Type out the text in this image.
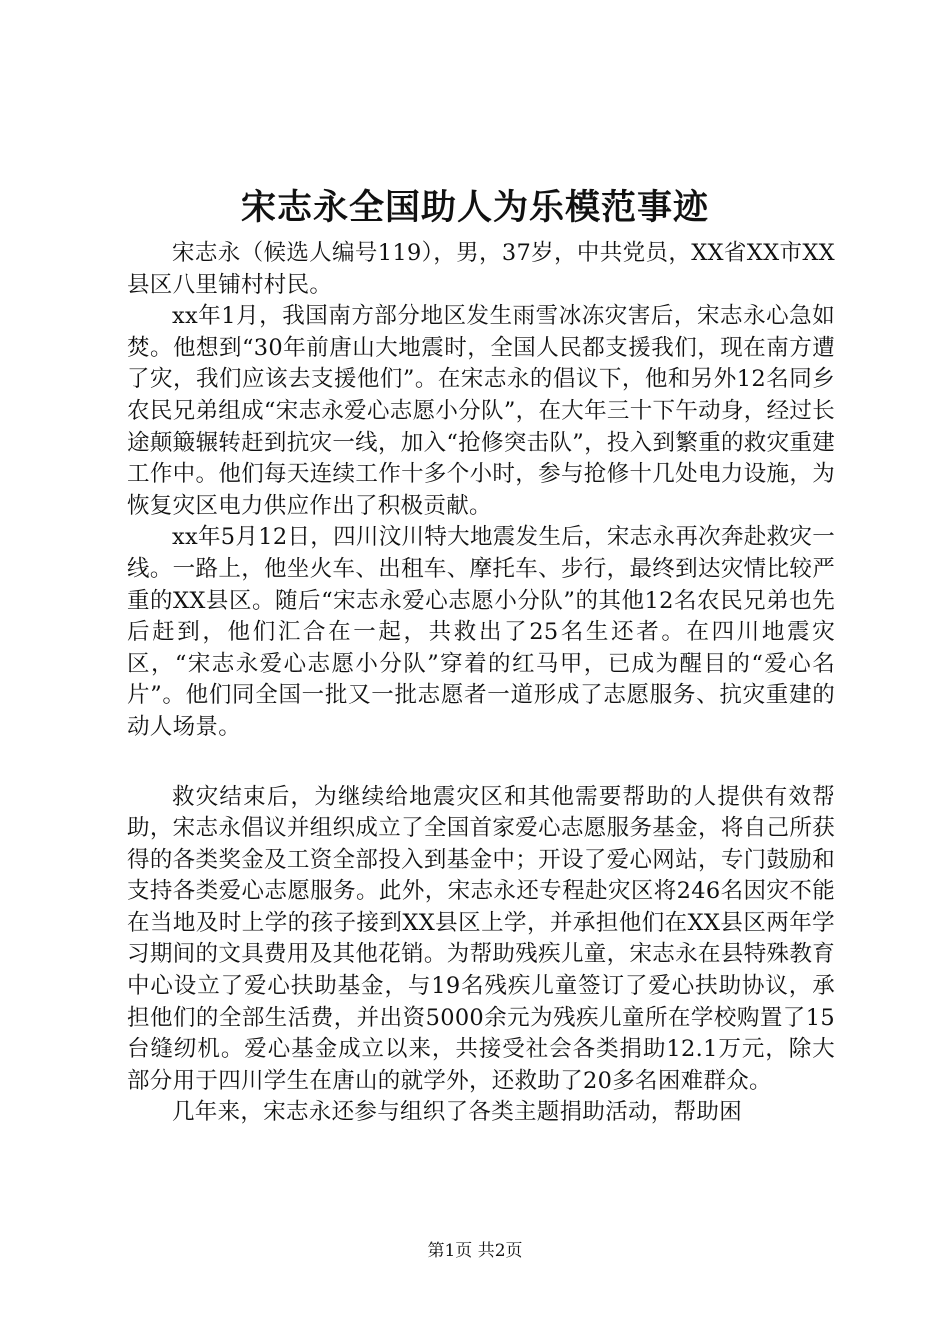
宋志永全国助人为乐模范事迹

宋志永（候选人编号119），男，37岁，中共党员，XX省XX市XX县区八里铺村村民。

xx年1月，我国南方部分地区发生雨雪冰冻灾害后，宋志永心急如焚。他想到“30年前唐山大地震时，全国人民都支援我们，现在南方遭了灾，我们应该去支援他们”。在宋志永的倡议下，他和另外12名同乡农民兄弟组成“宋志永爱心志愿小分队”，在大年三十下午动身，经过长途颠簸辗转赶到抗灾一线，加入“抢修突击队”，投入到繁重的救灾重建工作中。他们每天连续工作十多个小时，参与抢修十几处电力设施，为恢复灾区电力供应作出了积极贡献。

xx年5月12日，四川汶川特大地震发生后，宋志永再次奔赴救灾一线。一路上，他坐火车、出租车、摩托车、步行，最终到达灾情比较严重的XX县区。随后“宋志永爱心志愿小分队”的其他12名农民兄弟也先后赶到，他们汇合在一起，共救出了25名生还者。在四川地震灾区，“宋志永爱心志愿小分队”穿着的红马甲，已成为醒目的“爱心名片”。他们同全国一批又一批志愿者一道形成了志愿服务、抗灾重建的动人场景。

救灾结束后，为继续给地震灾区和其他需要帮助的人提供有效帮助，宋志永倡议并组织成立了全国首家爱心志愿服务基金，将自己所获得的各类奖金及工资全部投入到基金中；开设了爱心网站，专门鼓励和支持各类爱心志愿服务。此外，宋志永还专程赴灾区将246名因灾不能在当地及时上学的孩子接到XX县区上学，并承担他们在XX县区两年学习期间的文具费用及其他花销。为帮助残疾儿童，宋志永在县特殊教育中心设立了爱心扶助基金，与19名残疾儿童签订了爱心扶助协议，承担他们的全部生活费，并出资5000余元为残疾儿童所在学校购置了15台缝纫机。爱心基金成立以来，共接受社会各类捐助12.1万元，除大部分用于四川学生在唐山的就学外，还救助了20多名困难群众。

几年来，宋志永还参与组织了各类主题捐助活动，帮助困

第1页 共2页
